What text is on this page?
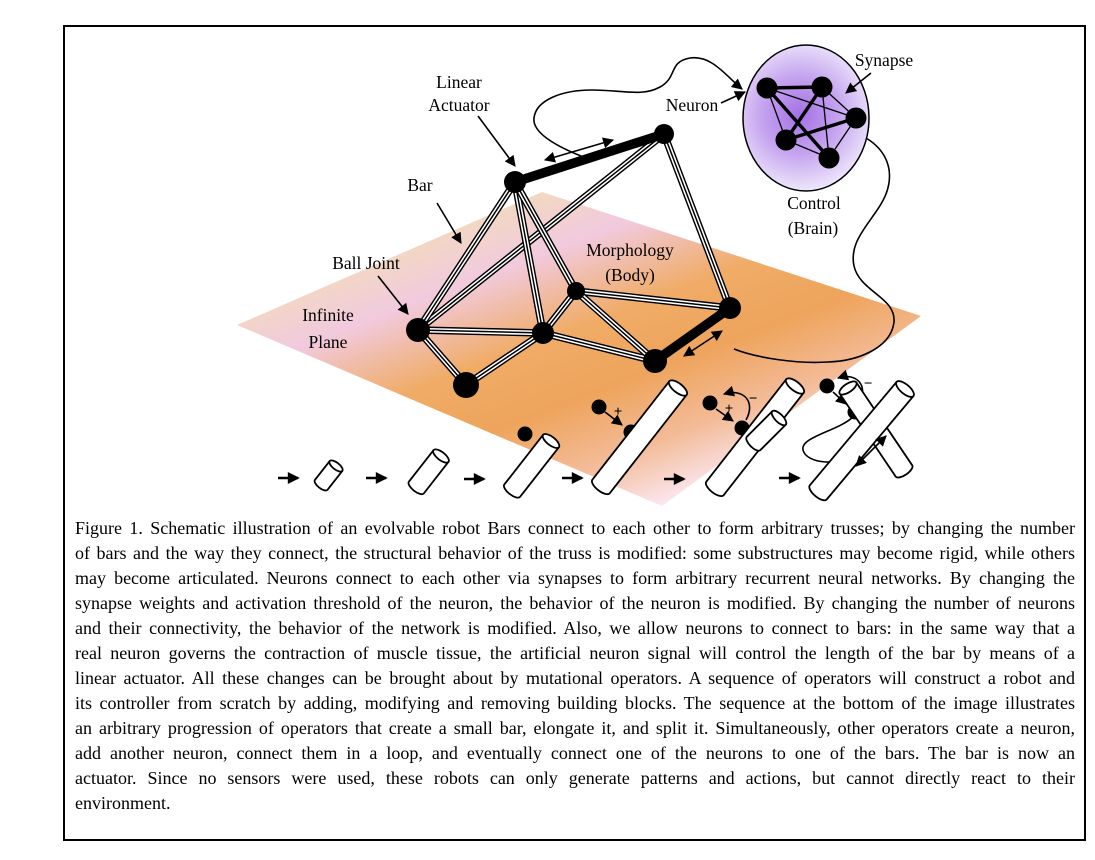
Linear
Actuator
Bar
Ball Joint
Infinite
Plane
Morphology
(Body)
Neuron
Synapse
Control
(Brain)
+	+
−
−
Figure 1. Schematic illustration of an evolvable robot Bars connect to each other to form arbitrary trusses; by changing the number of bars and the way they connect, the structural behavior of the truss is modified: some substructures may become rigid, while others may become articulated. Neurons connect to each other via synapses to form arbitrary recurrent neural networks. By changing the synapse weights and activation threshold of the neuron, the behavior of the neuron is modified. By changing the number of neurons and their connectivity, the behavior of the network is modified. Also, we allow neurons to connect to bars: in the same way that a real neuron governs the contraction of muscle tissue, the artificial neuron signal will control the length of the bar by means of a linear actuator. All these changes can be brought about by mutational operators. A sequence of operators will construct a robot and its controller from scratch by adding, modifying and removing building blocks. The sequence at the bottom of the image illustrates an arbitrary progression of operators that create a small bar, elongate it, and split it. Simultaneously, other operators create a neuron, add another neuron, connect them in a loop, and eventually connect one of the neurons to one of the bars. The bar is now an actuator. Since no sensors were used, these robots can only generate patterns and actions, but cannot directly react to their environment.
